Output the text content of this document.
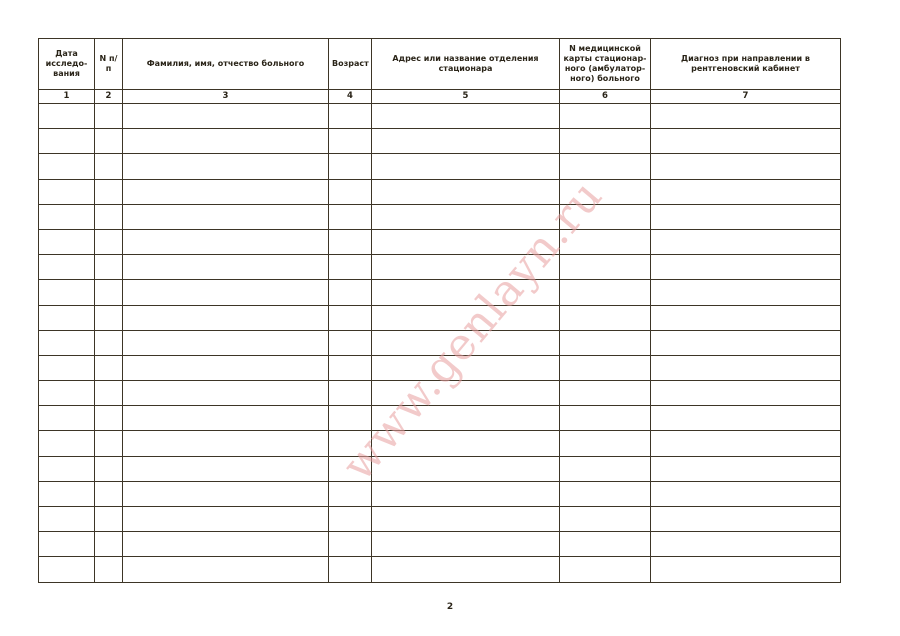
Дата исследо-вания	N п/п	Фамилия, имя, отчество больного	Возраст	Адрес или название отделения стационара	N медицинской карты стационар-ного (амбулатор-ного) больного	Диагноз при направлении в рентгеновский кабинет
1	2	3	4	5	6	7

www.genlayn.ru
2
